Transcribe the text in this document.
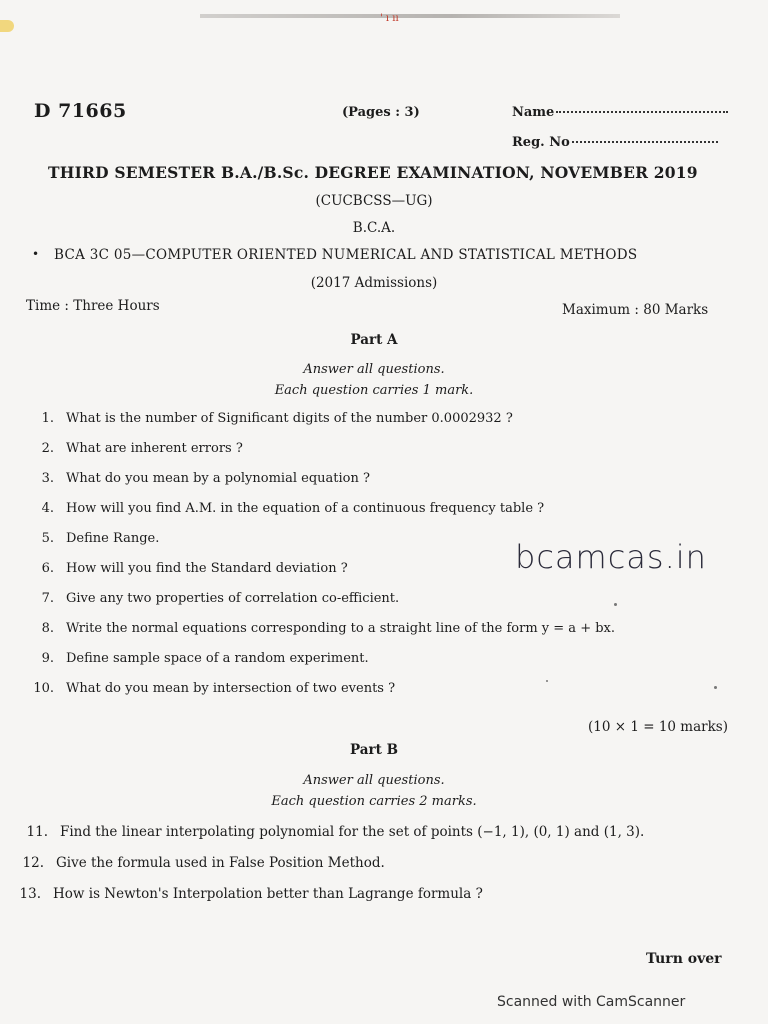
' ı ıı
D 71665	(Pages : 3)	Name
Reg. No
THIRD SEMESTER B.A./B.Sc. DEGREE EXAMINATION, NOVEMBER 2019
(CUCBCSS—UG)
B.C.A.
• BCA 3C 05—COMPUTER ORIENTED NUMERICAL AND STATISTICAL METHODS
(2017 Admissions)
Time : Three Hours	Maximum : 80 Marks
Part A
Answer all questions.
Each question carries 1 mark.
1. What is the number of Significant digits of the number 0.0002932 ?
2. What are inherent errors ?
3. What do you mean by a polynomial equation ?
4. How will you find A.M. in the equation of a continuous frequency table ?
5. Define Range.
6. How will you find the Standard deviation ?
7. Give any two properties of correlation co-efficient.
8. Write the normal equations corresponding to a straight line of the form y = a + bx.
9. Define sample space of a random experiment.
10. What do you mean by intersection of two events ?
bcamcas.in
(10 × 1 = 10 marks)
Part B
Answer all questions.
Each question carries 2 marks.
11. Find the linear interpolating polynomial for the set of points (−1, 1), (0, 1) and (1, 3).
12. Give the formula used in False Position Method.
13. How is Newton's Interpolation better than Lagrange formula ?
Turn over
Scanned with CamScanner
